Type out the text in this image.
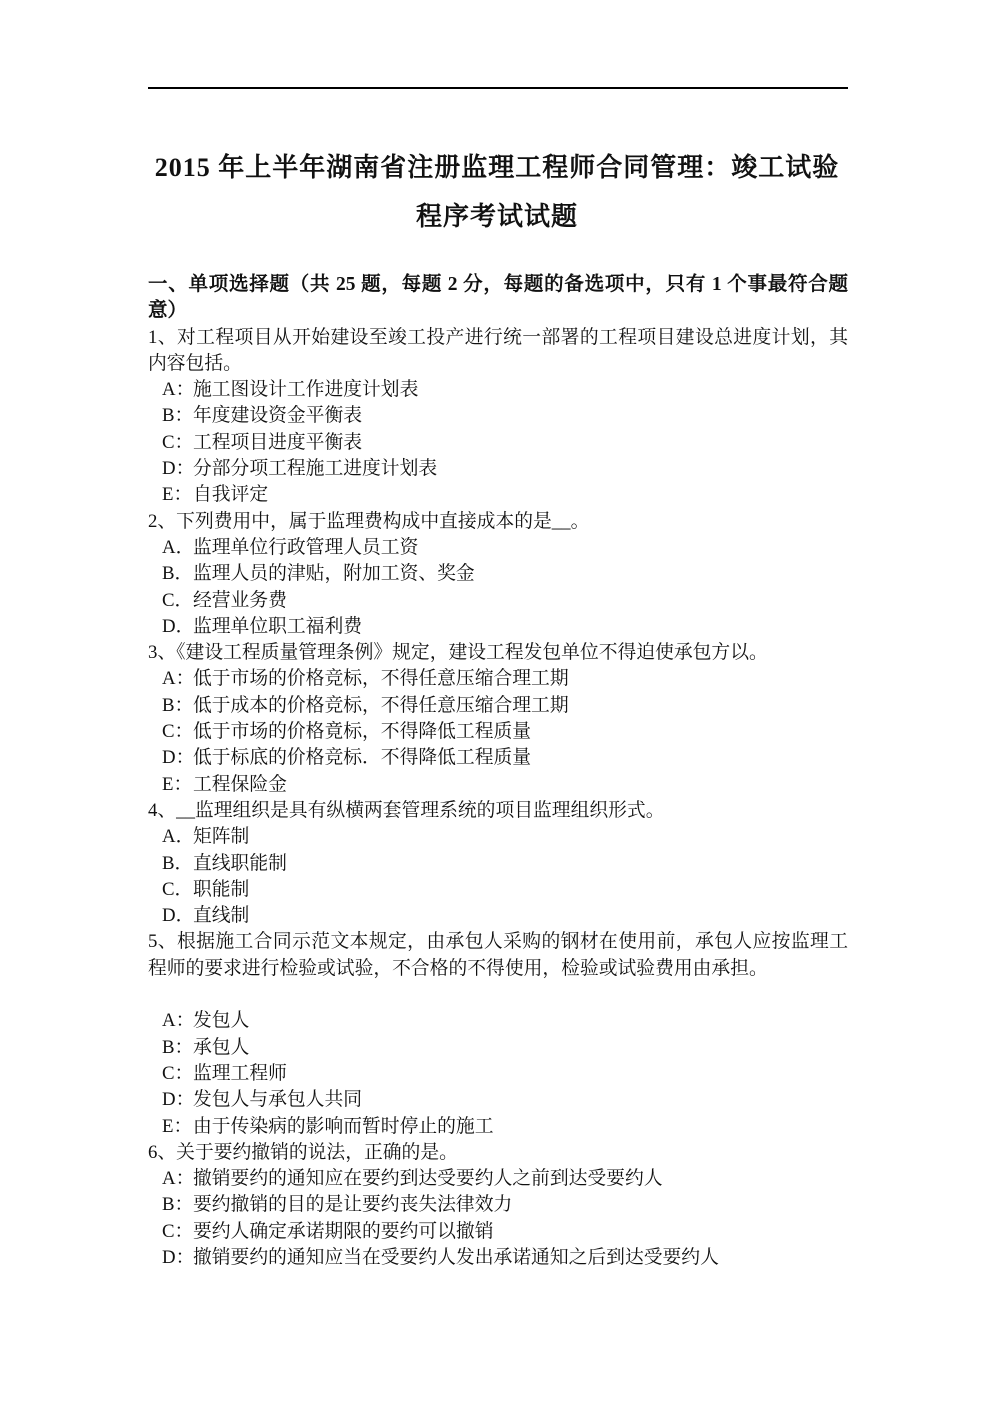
2015 年上半年湖南省注册监理工程师合同管理：竣工试验
程序考试试题

一、单项选择题（共 25 题，每题 2 分，每题的备选项中，只有 1 个事最符合题意）

1、对工程项目从开始建设至竣工投产进行统一部署的工程项目建设总进度计划，其内容包括。

A：
施工图设计工作进度计划表
B： 年度建设资金平衡表
C： 工程项目进度平衡表
D：
分部分项工程施工进度计划表
E： 自我评定

2、下列费用中，属于监理费构成中直接成本的是__。

A．
监理单位行政管理人员工资
B． 监理人员的津贴，附加工资、奖金
C． 经营业务费
D．
监理单位职工福利费

3、《建设工程质量管理条例》规定，建设工程发包单位不得迫使承包方以。

A：
低于市场的价格竞标，不得任意压缩合理工期
B： 低于成本的价格竞标，不得任意压缩合理工期
C： 低于市场的价格竟标，不得降低工程质量
D：
低于标底的价格竞标．不得降低工程质量
E： 工程保险金

4、__监理组织是具有纵横两套管理系统的项目监理组织形式。

A．
矩阵制
B． 直线职能制
C． 职能制
D．
直线制

5、根据施工合同示范文本规定，由承包人采购的钢材在使用前，承包人应按监理工程师的要求进行检验或试验，不合格的不得使用，检验或试验费用由承担。

A：
发包人
B： 承包人
C： 监理工程师
D：
发包人与承包人共同
E： 由于传染病的影响而暂时停止的施工

6、关于要约撤销的说法，正确的是。

A：
撤销要约的通知应在要约到达受要约人之前到达受要约人
B： 要约撤销的目的是让要约丧失法律效力
C： 要约人确定承诺期限的要约可以撤销
D：
撤销要约的通知应当在受要约人发出承诺通知之后到达受要约人
